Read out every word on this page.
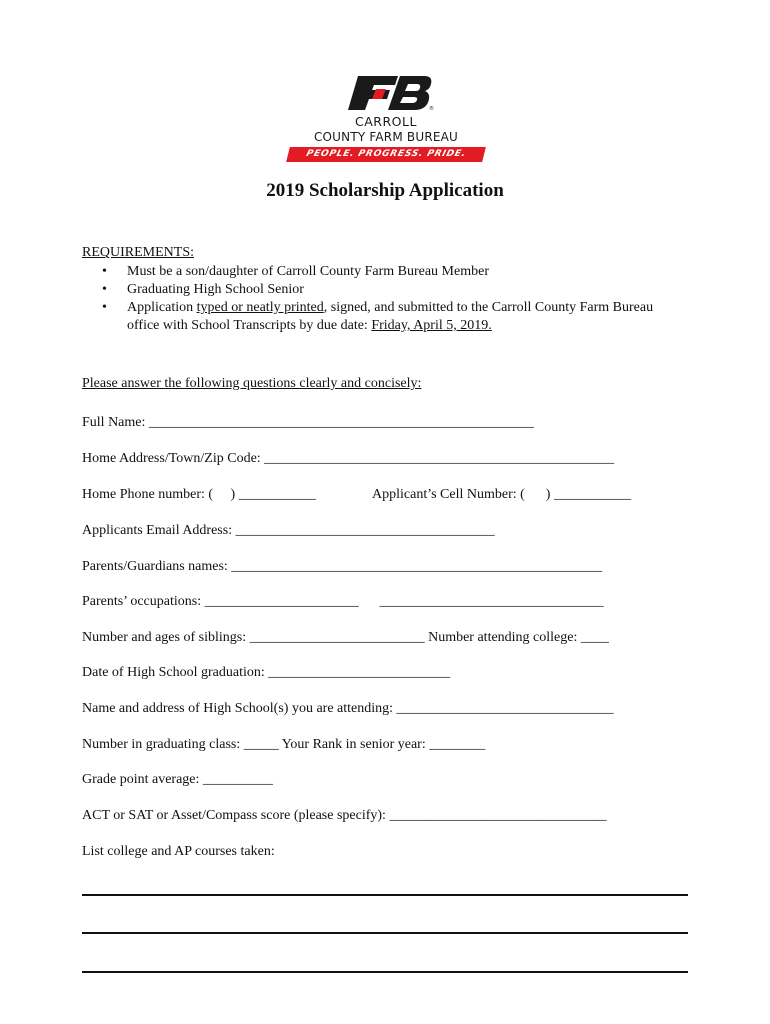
®
CARROLL
COUNTY FARM BUREAU
PEOPLE. PROGRESS. PRIDE.
2019 Scholarship Application
REQUIREMENTS:
• Must be a son/daughter of Carroll County Farm Bureau Member
• Graduating High School Senior
• Application typed or neatly printed, signed, and submitted to the Carroll County Farm Bureau office with School Transcripts by due date: Friday, April 5, 2019.
Please answer the following questions clearly and concisely:
Full Name: _______________________________________________________
Home Address/Town/Zip Code: __________________________________________________
Home Phone number: (     ) ___________	Applicant’s Cell Number: (      ) ___________
Applicants Email Address: _____________________________________
Parents/Guardians names: _____________________________________________________
Parents’ occupations: ______________________      ________________________________
Number and ages of siblings: _________________________ Number attending college: ____
Date of High School graduation: __________________________
Name and address of High School(s) you are attending: _______________________________
Number in graduating class: _____ Your Rank in senior year: ________
Grade point average: __________
ACT or SAT or Asset/Compass score (please specify): _______________________________
List college and AP courses taken:
